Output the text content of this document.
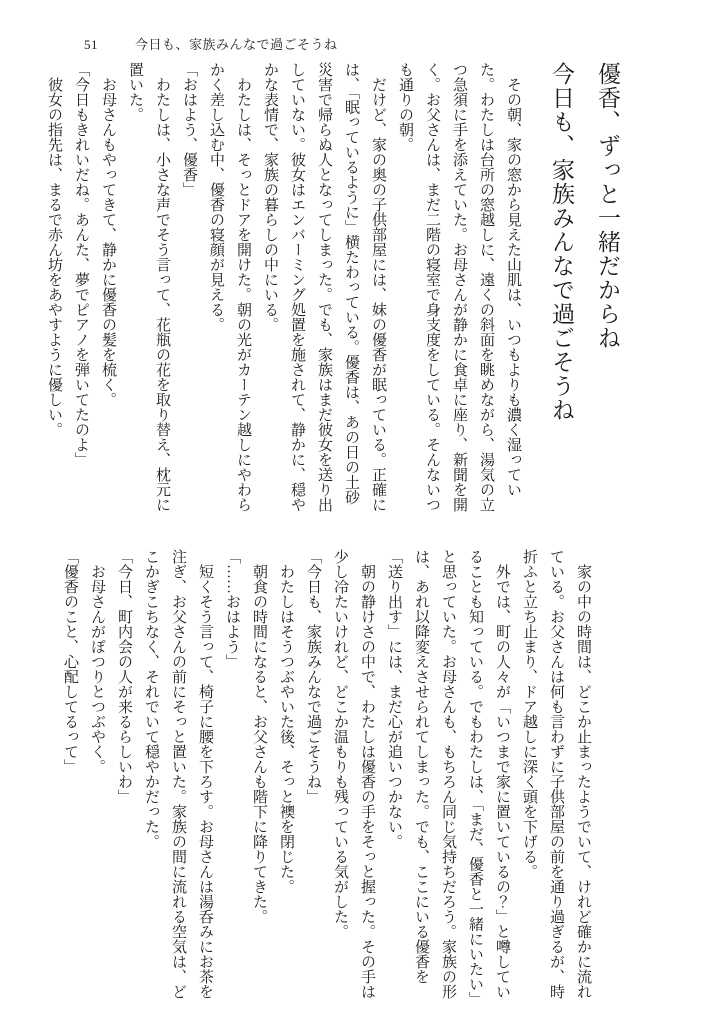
51	今日も、家族みんなで過ごそうね
優香、ずっと一緒だからね
今日も、家族みんなで過ごそうね

その朝、家の窓から見えた山肌は、いつもよりも濃く湿っていた。わたしは台所の窓越しに、遠くの斜面を眺めながら、湯気の立つ急須に手を添えていた。お母さんが静かに食卓に座り、新聞を開く。お父さんは、まだ二階の寝室で身支度をしている。そんないつも通りの朝。

だけど、家の奥の子供部屋には、妹の優香が眠っている。正確には、「眠っているように」横たわっている。優香は、あの日の土砂災害で帰らぬ人となってしまった。でも、家族はまだ彼女を送り出していない。彼女はエンバーミング処置を施されて、静かに、穏やかな表情で、家族の暮らしの中にいる。

わたしは、そっとドアを開けた。朝の光がカーテン越しにやわらかく差し込む中、優香の寝顔が見える。

「おはよう、優香」

わたしは、小さな声でそう言って、花瓶の花を取り替え、枕元に置いた。

お母さんもやってきて、静かに優香の髪を梳く。

「今日もきれいだね。あんた、夢でピアノを弾いてたのよ」

彼女の指先は、まるで赤ん坊をあやすように優しい。

家の中の時間は、どこか止まったようでいて、けれど確かに流れている。お父さんは何も言わずに子供部屋の前を通り過ぎるが、時折ふと立ち止まり、ドア越しに深く頭を下げる。

外では、町の人々が「いつまで家に置いているの？」と噂していることも知っている。でもわたしは、「まだ、優香と一緒にいたい」と思っていた。お母さんも、もちろん同じ気持ちだろう。家族の形は、あれ以降変えさせられてしまった。でも、ここにいる優香を「送り出す」には、まだ心が追いつかない。

朝の静けさの中で、わたしは優香の手をそっと握った。その手は少し冷たいけれど、どこか温もりも残っている気がした。

「今日も、家族みんなで過ごそうね」

わたしはそうつぶやいた後、そっと襖を閉じた。

朝食の時間になると、お父さんも階下に降りてきた。

「……おはよう」

短くそう言って、椅子に腰を下ろす。お母さんは湯呑みにお茶を注ぎ、お父さんの前にそっと置いた。家族の間に流れる空気は、どこかぎこちなく、それでいて穏やかだった。

「今日、町内会の人が来るらしいわ」

お母さんがぽつりとつぶやく。

「優香のこと、心配してるって」
